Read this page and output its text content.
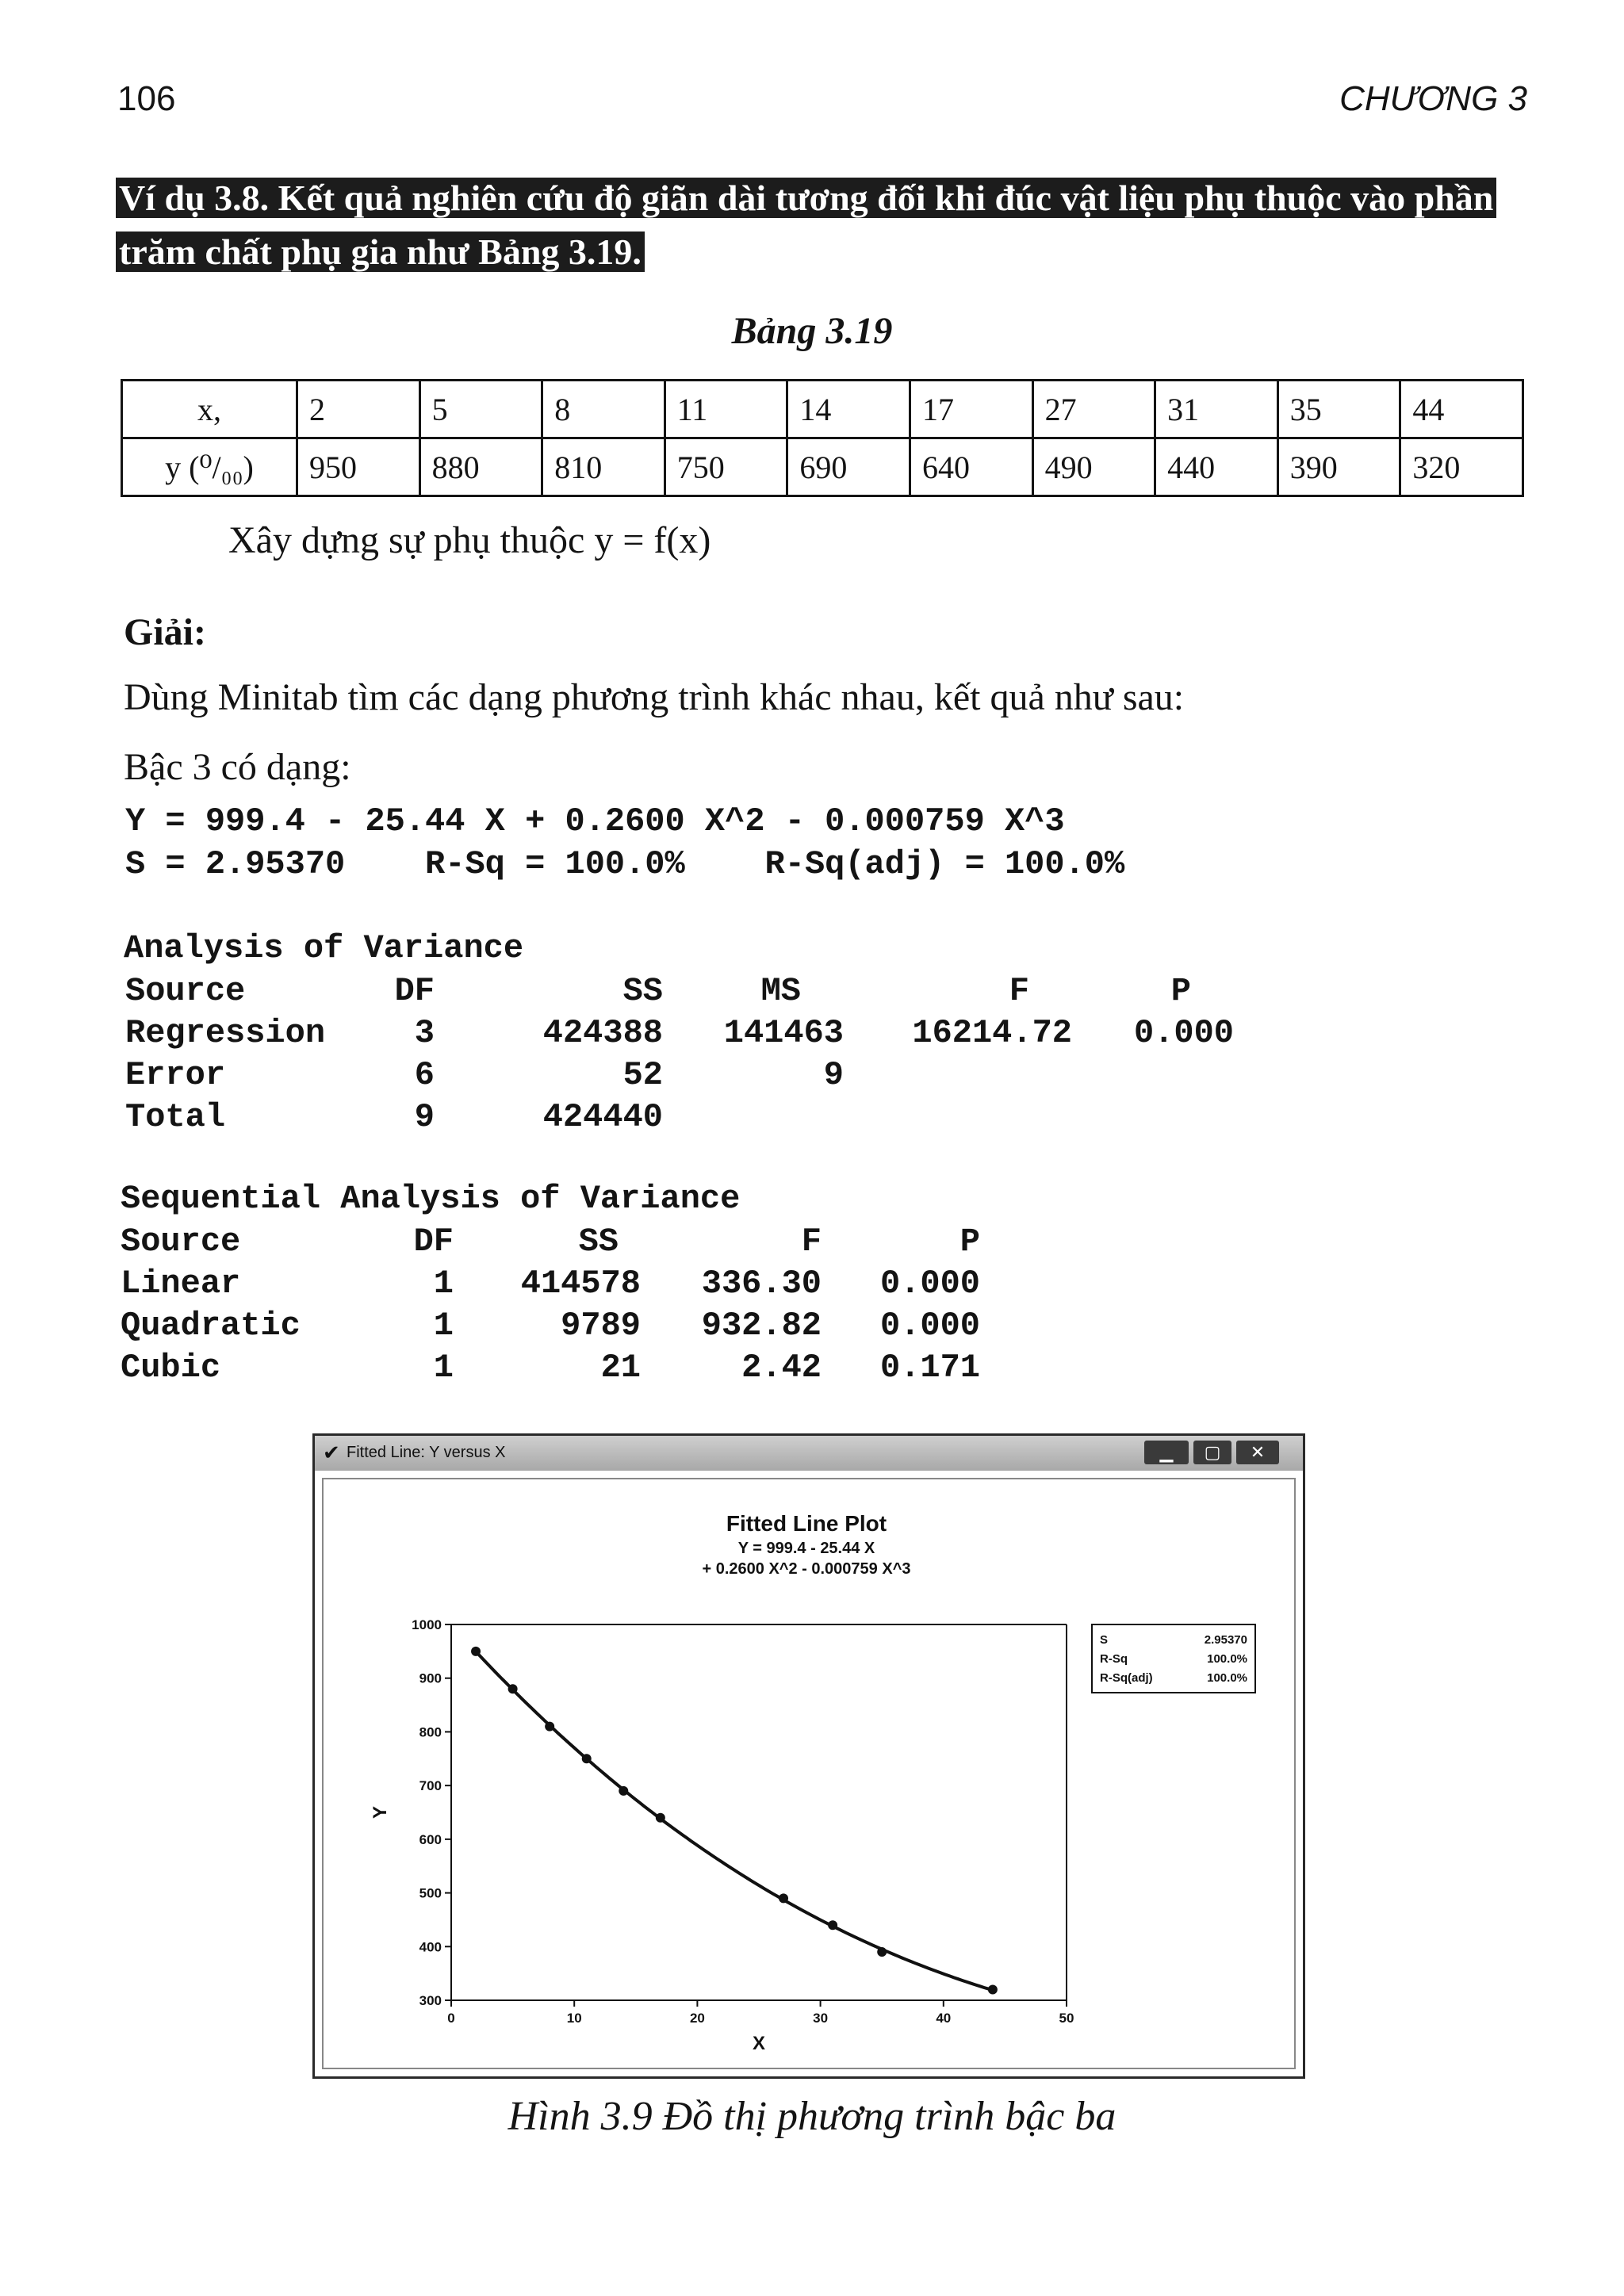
106	CHƯƠNG 3
Ví dụ 3.8. Kết quả nghiên cứu độ giãn dài tương đối khi đúc vật liệu phụ thuộc vào phần trăm chất phụ gia như Bảng 3.19.
Bảng 3.19
x,	2	5	8	11	14	17	27	31	35	44
y (⁰/₀₀)	950	880	810	750	690	640	490	440	390	320
Xây dựng sự phụ thuộc y = f(x)
Giải:
Dùng Minitab tìm các dạng phương trình khác nhau, kết quả như sau:
Bậc 3 có dạng:
Y = 999.4 - 25.44 X + 0.2600 X^2 - 0.000759 X^3
S = 2.95370    R-Sq = 100.0%    R-Sq(adj) = 100.0%
Analysis of Variance
Source	DF	SS	MS	F	P
Regression	3	424388 141463 16214.72 0.000
Error	6	52	9
Total	9	424440
Sequential Analysis of Variance
Source	DF	SS	F	P
Linear	1 414578 336.30 0.000
Quadratic	1	9789 932.82 0.000
Cubic	1	21	2.42 0.171
✔ Fitted Line: Y versus X	▁	▢	✕
Fitted Line Plot
Y = 999.4 - 25.44 X
+ 0.2600 X^2 - 0.000759 X^3
300
400
500
600
700
800
900
1000
0	10	20	30	40	50
X
Y
S	2.95370
R-Sq	100.0%
R-Sq(adj)	100.0%
Hình 3.9 Đồ thị phương trình bậc ba
